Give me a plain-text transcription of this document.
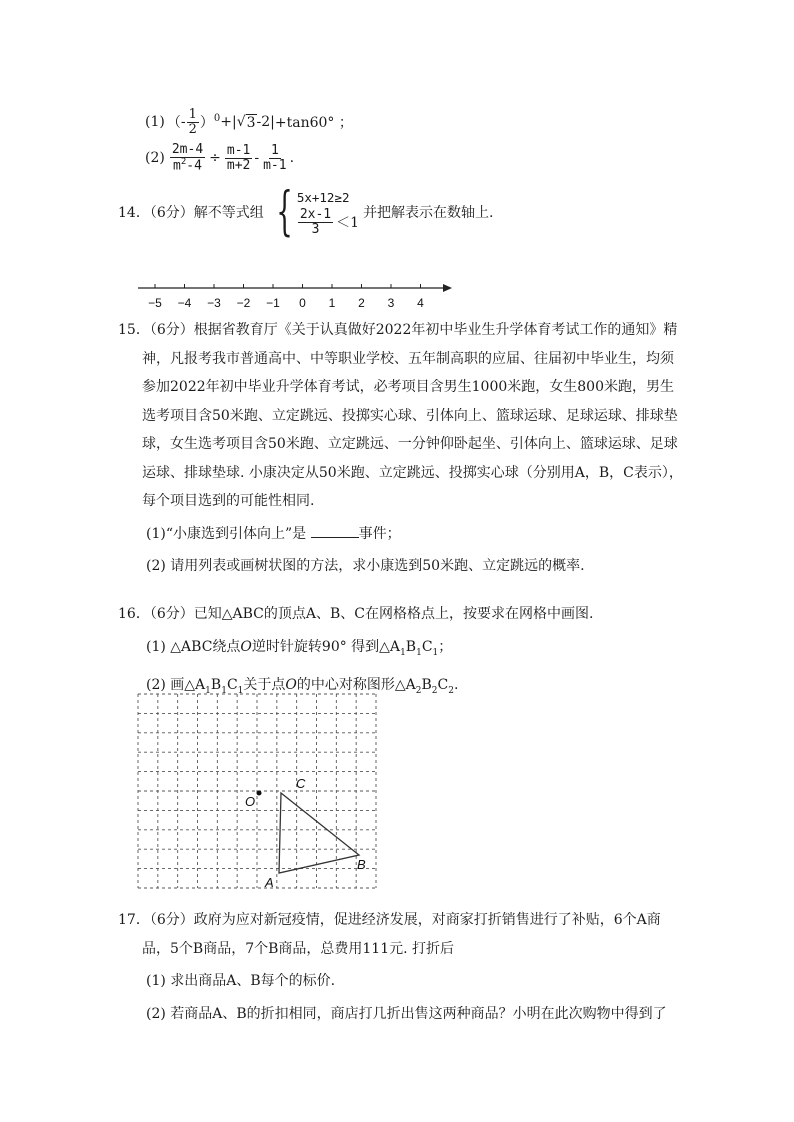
(1) （ - $\frac{1}{2} )^0$ +| √ 3 -2| +tan60° ；
$(2) \frac{2m-4}{m^2-4} \div \frac{m-1}{m+2} - \frac{1}{m-1}$ .
14．（6分）解不等式组 { 5x+12≥2
$\frac{2x-1}{3} <1$
并把解表示在数轴上.
−5 −4 −3 −2 −1 0 1 2 3 4
15．（6分）根据省教育厅《关于认真做好2022年初中毕业生升学体育考试工作的通知》精
神，凡报考我市普通高中、中等职业学校、五年制高职的应届、往届初中毕业生，均须
参加2022年初中毕业升学体育考试，必考项目含男生1000米跑，女生800米跑，男生
选考项目含50米跑、立定跳远、投掷实心球、引体向上、篮球运球、足球运球、排球垫
球，女生选考项目含50米跑、立定跳远、一分钟仰卧起坐、引体向上、篮球运球、足球
运球、排球垫球. 小康决定从50米跑、立定跳远、投掷实心球（分别用A，B，C表示），
每个项目选到的可能性相同.
(1)“小康选到引体向上”是	事件；
(2) 请用列表或画树状图的方法，求小康选到50米跑、立定跳远的概率.
16．（6分）已知△ABC的顶点A、B、C在网格格点上，按要求在网格中画图.
(1) △ABC绕点O逆时针旋转90° 得到$\triangle A_1B_1C_1$；
(2) 画$\triangle A_1B_1C_1$关于点O的中心对称图形$\triangle A_2B_2C_2$.
O
C
B
A
17．（6分）政府为应对新冠疫情，促进经济发展，对商家打折销售进行了补贴，6个A商
品，5个B商品，7个B商品，总费用111元. 打折后
(1) 求出商品A、B每个的标价.
(2) 若商品A、B的折扣相同，商店打几折出售这两种商品？小明在此次购物中得到了
